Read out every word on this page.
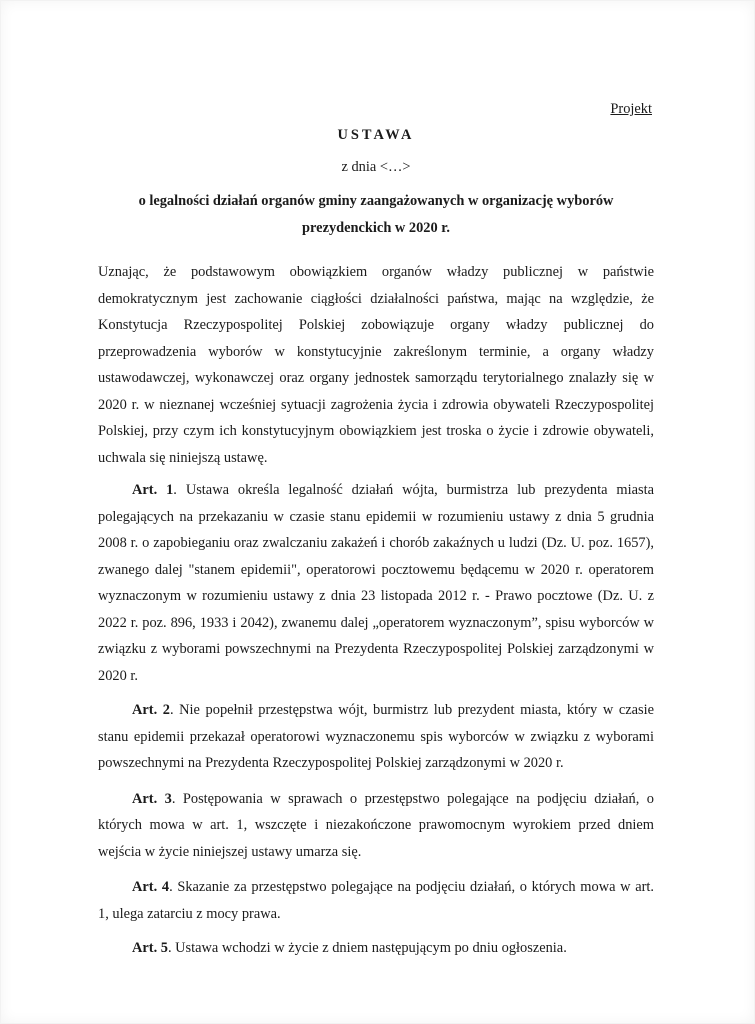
Projekt
USTAWA
z dnia <…>
o legalności działań organów gminy zaangażowanych w organizację wyborów
prezydenckich w 2020 r.
Uznając, że podstawowym obowiązkiem organów władzy publicznej w państwie demokratycznym jest zachowanie ciągłości działalności państwa, mając na względzie, że Konstytucja Rzeczypospolitej Polskiej zobowiązuje organy władzy publicznej do przeprowadzenia wyborów w konstytucyjnie zakreślonym terminie, a organy władzy ustawodawczej, wykonawczej oraz organy jednostek samorządu terytorialnego znalazły się w 2020 r. w nieznanej wcześniej sytuacji zagrożenia życia i zdrowia obywateli Rzeczypospolitej Polskiej, przy czym ich konstytucyjnym obowiązkiem jest troska o życie i zdrowie obywateli, uchwala się niniejszą ustawę.
Art. 1. Ustawa określa legalność działań wójta, burmistrza lub prezydenta miasta polegających na przekazaniu w czasie stanu epidemii w rozumieniu ustawy z dnia 5 grudnia 2008 r. o zapobieganiu oraz zwalczaniu zakażeń i chorób zakaźnych u ludzi (Dz. U. poz. 1657), zwanego dalej "stanem epidemii", operatorowi pocztowemu będącemu w 2020 r. operatorem wyznaczonym w rozumieniu ustawy z dnia 23 listopada 2012 r. - Prawo pocztowe (Dz. U. z 2022 r. poz. 896, 1933 i 2042), zwanemu dalej „operatorem wyznaczonym”, spisu wyborców w związku z wyborami powszechnymi na Prezydenta Rzeczypospolitej Polskiej zarządzonymi w 2020 r.
Art. 2. Nie popełnił przestępstwa wójt, burmistrz lub prezydent miasta, który w czasie stanu epidemii przekazał operatorowi wyznaczonemu spis wyborców w związku z wyborami powszechnymi na Prezydenta Rzeczypospolitej Polskiej zarządzonymi w 2020 r.
Art. 3. Postępowania w sprawach o przestępstwo polegające na podjęciu działań, o których mowa w art. 1, wszczęte i niezakończone prawomocnym wyrokiem przed dniem wejścia w życie niniejszej ustawy umarza się.
Art. 4. Skazanie za przestępstwo polegające na podjęciu działań, o których mowa w art. 1, ulega zatarciu z mocy prawa.
Art. 5. Ustawa wchodzi w życie z dniem następującym po dniu ogłoszenia.
